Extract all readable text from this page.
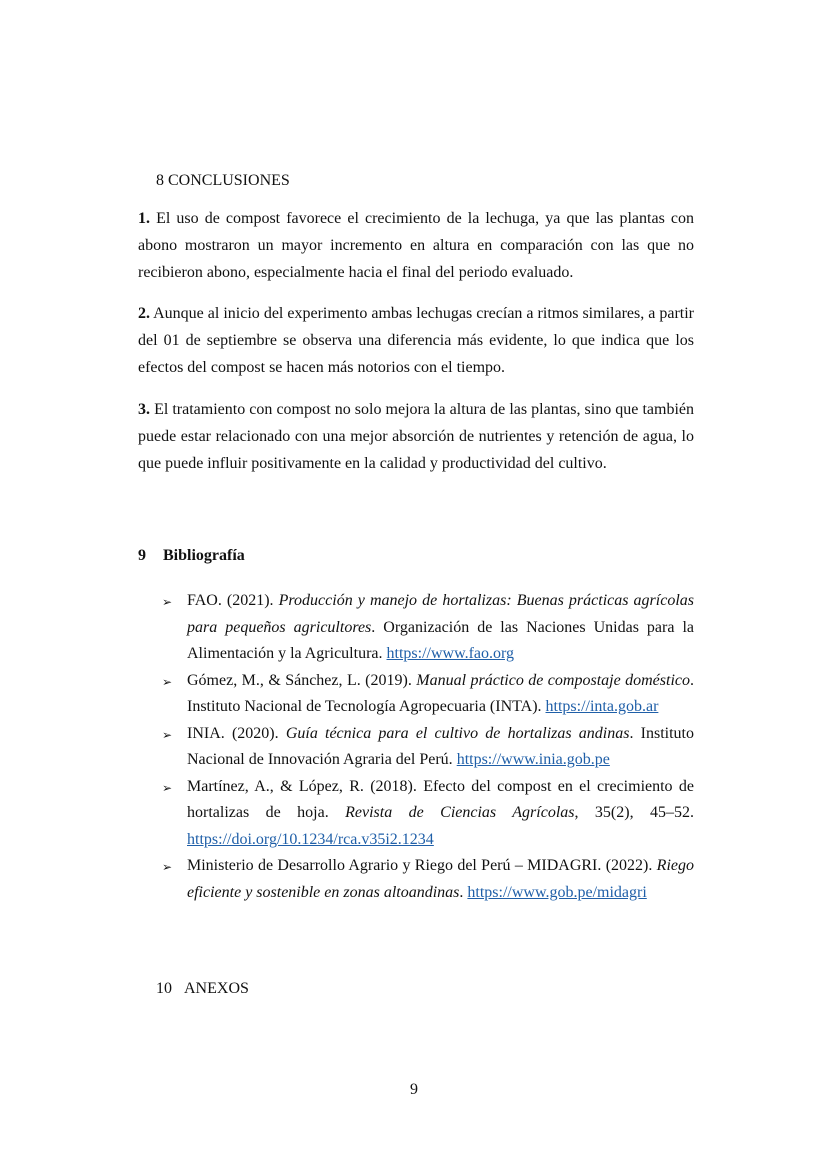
8 CONCLUSIONES

1. El uso de compost favorece el crecimiento de la lechuga, ya que las plantas con abono mostraron un mayor incremento en altura en comparación con las que no recibieron abono, especialmente hacia el final del periodo evaluado.

2. Aunque al inicio del experimento ambas lechugas crecían a ritmos similares, a partir del 01 de septiembre se observa una diferencia más evidente, lo que indica que los efectos del compost se hacen más notorios con el tiempo.

3. El tratamiento con compost no solo mejora la altura de las plantas, sino que también puede estar relacionado con una mejor absorción de nutrientes y retención de agua, lo que puede influir positivamente en la calidad y productividad del cultivo.

9 Bibliografía
➢ FAO. (2021). Producción y manejo de hortalizas: Buenas prácticas agrícolas para pequeños agricultores. Organización de las Naciones Unidas para la Alimentación y la Agricultura. https://www.fao.org
➢ Gómez, M., & Sánchez, L. (2019). Manual práctico de compostaje doméstico. Instituto Nacional de Tecnología Agropecuaria (INTA). https://inta.gob.ar
➢ INIA. (2020). Guía técnica para el cultivo de hortalizas andinas. Instituto Nacional de Innovación Agraria del Perú. https://www.inia.gob.pe
➢ Martínez, A., & López, R. (2018). Efecto del compost en el crecimiento de hortalizas de hoja. Revista de Ciencias Agrícolas, 35(2), 45–52. https://doi.org/10.1234/rca.v35i2.1234
➢ Ministerio de Desarrollo Agrario y Riego del Perú – MIDAGRI. (2022). Riego eficiente y sostenible en zonas altoandinas. https://www.gob.pe/midagri
10 ANEXOS
9
